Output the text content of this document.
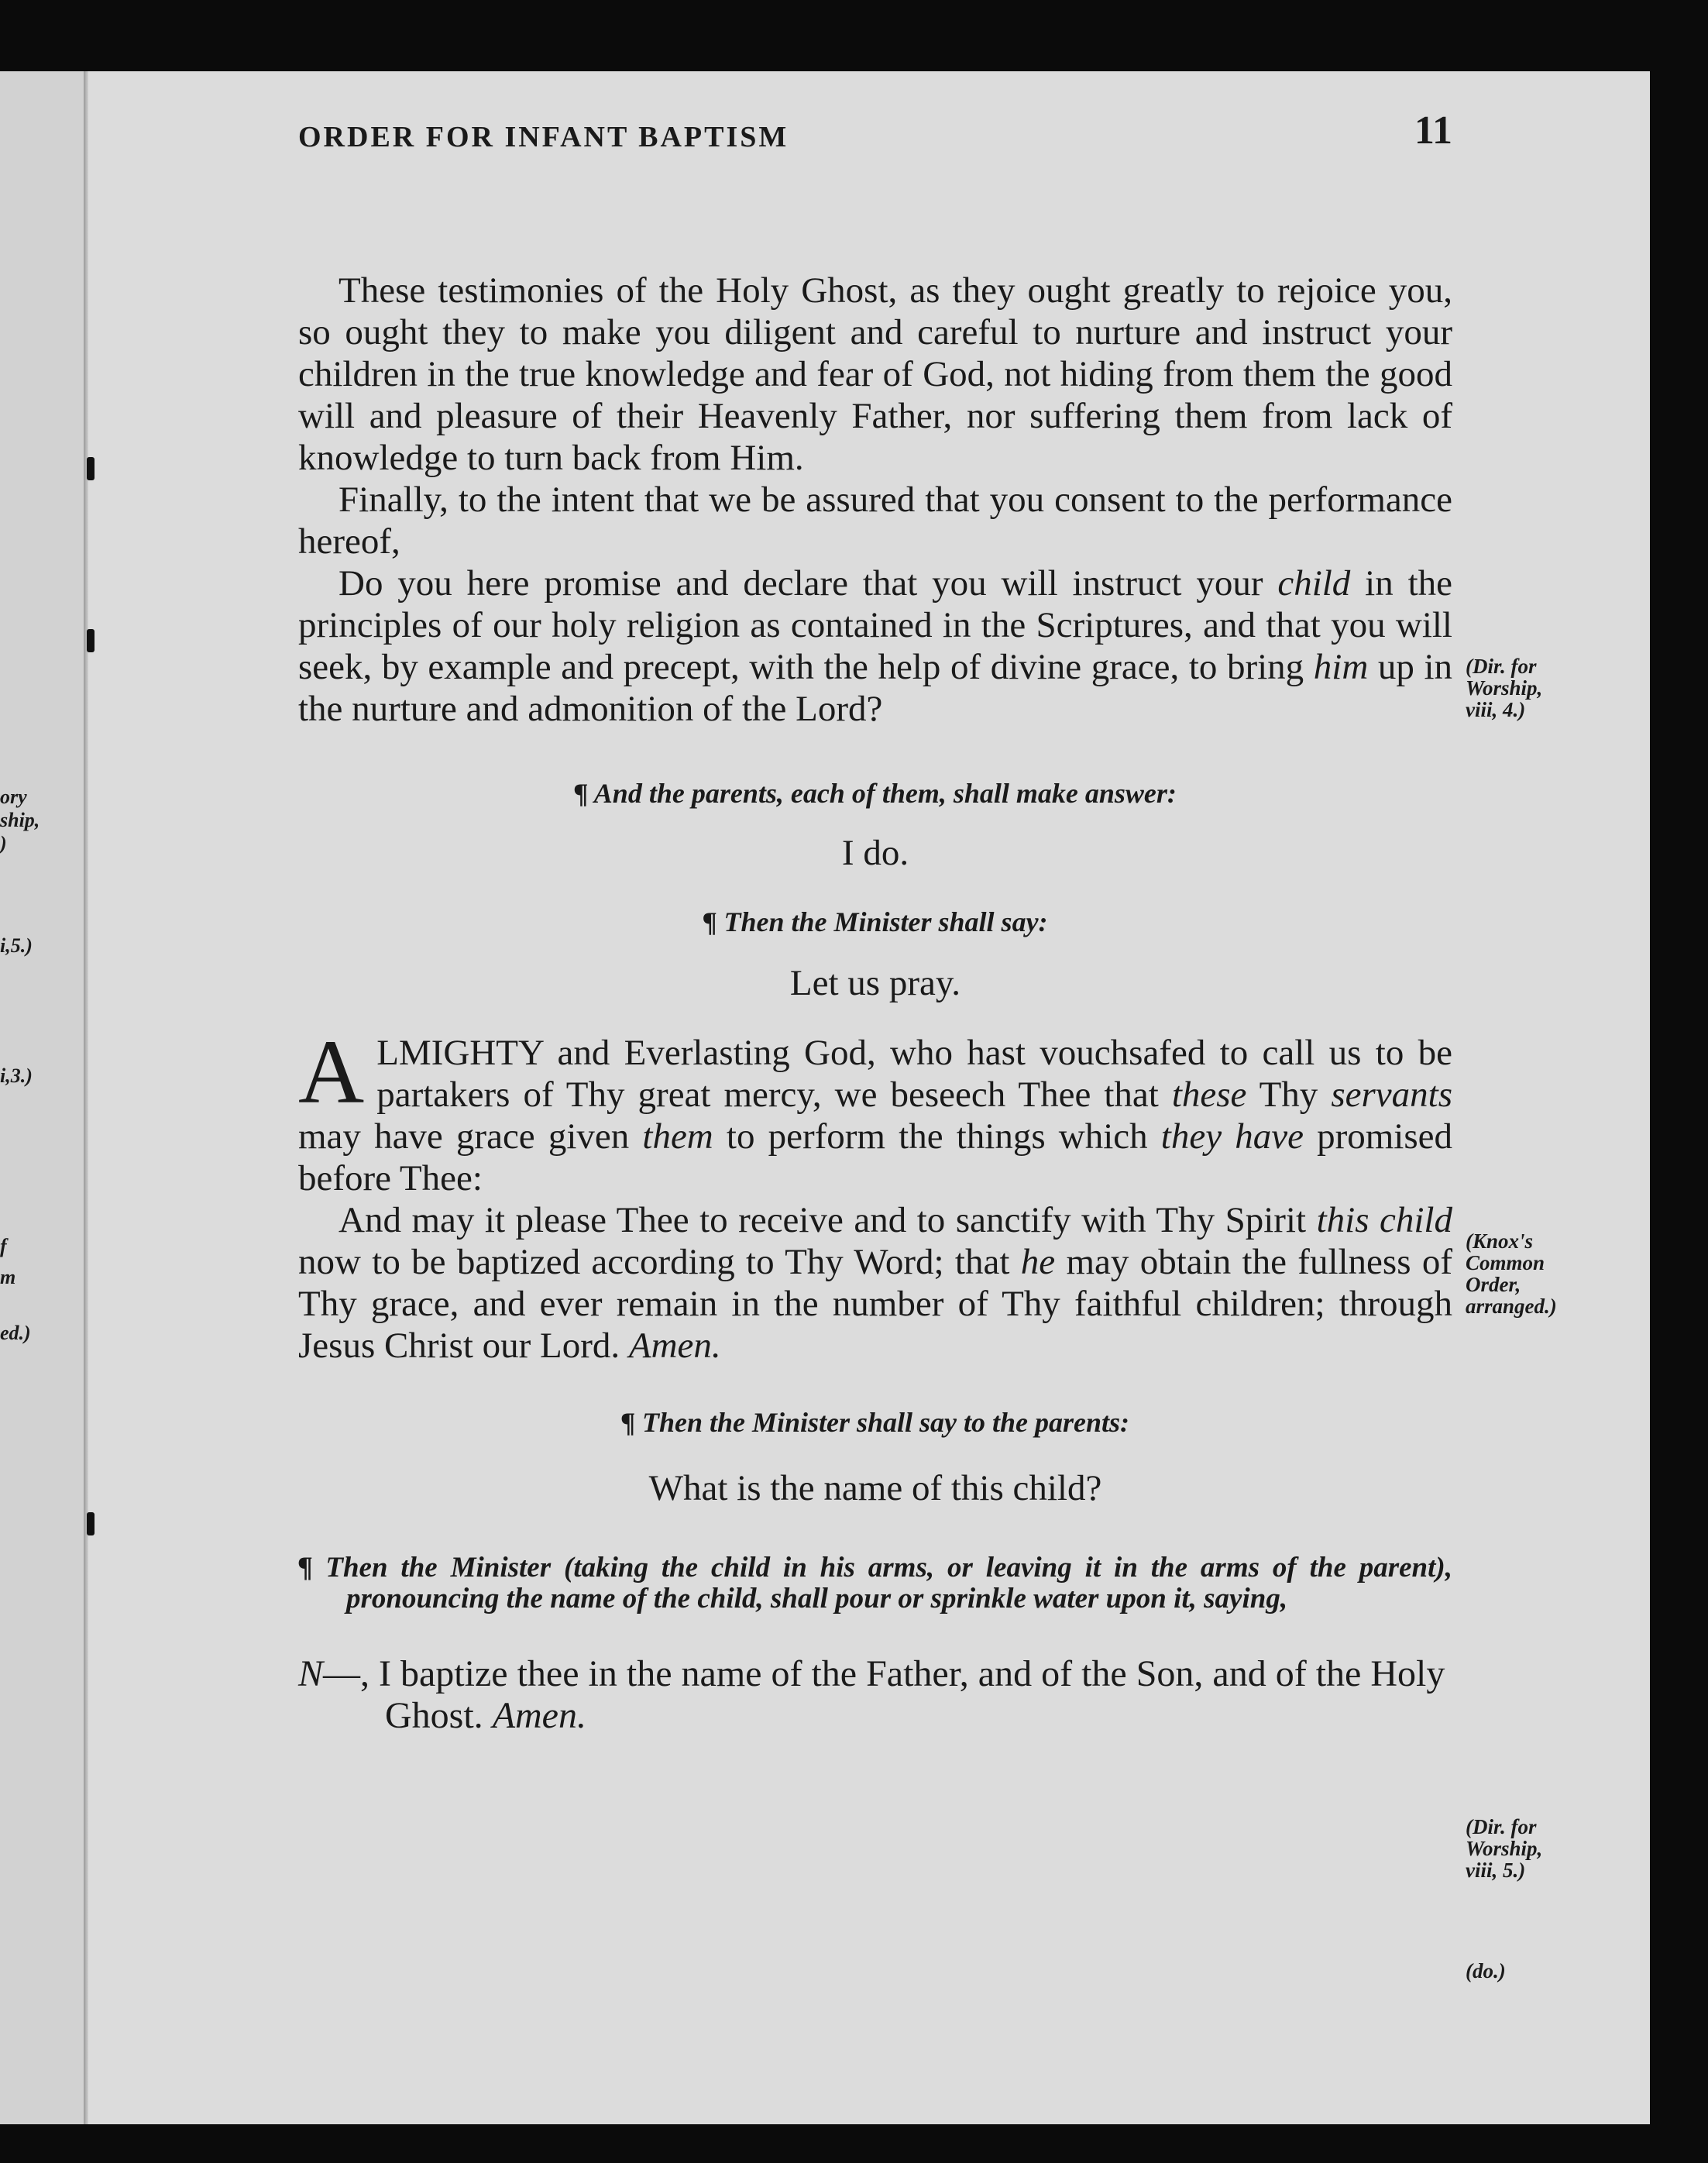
ory
ship,
)
i,5.)
i,3.)
f
m
ed.)
ORDER FOR INFANT BAPTISM	11

These testimonies of the Holy Ghost, as they ought greatly to rejoice you, so ought they to make you diligent and careful to nurture and instruct your children in the true knowledge and fear of God, not hiding from them the good will and pleasure of their Heavenly Father, nor suffering them from lack of knowledge to turn back from Him.

Finally, to the intent that we be assured that you consent to the performance hereof,

Do you here promise and declare that you will instruct your child in the principles of our holy religion as contained in the Scriptures, and that you will seek, by example and precept, with the help of divine grace, to bring him up in the nurture and admonition of the Lord?

¶ And the parents, each of them, shall make answer:

I do.

¶ Then the Minister shall say:

Let us pray.

ALMIGHTY and Everlasting God, who hast vouchsafed to call us to be partakers of Thy great mercy, we beseech Thee that these Thy servants may have grace given them to perform the things which they have promised before Thee:

And may it please Thee to receive and to sanctify with Thy Spirit this child now to be baptized according to Thy Word; that he may obtain the fullness of Thy grace, and ever remain in the number of Thy faithful children; through Jesus Christ our Lord. Amen.

¶ Then the Minister shall say to the parents:

What is the name of this child?

¶ Then the Minister (taking the child in his arms, or leaving it in the arms of the parent), pronouncing the name of the child, shall pour or sprinkle water upon it, saying,

N—, I baptize thee in the name of the Father, and of the Son, and of the Holy Ghost. Amen.

(Dir. for
Worship,
viii, 4.)
(Knox's
Common
Order,
arranged.)
(Dir. for
Worship,
viii, 5.)
(do.)
